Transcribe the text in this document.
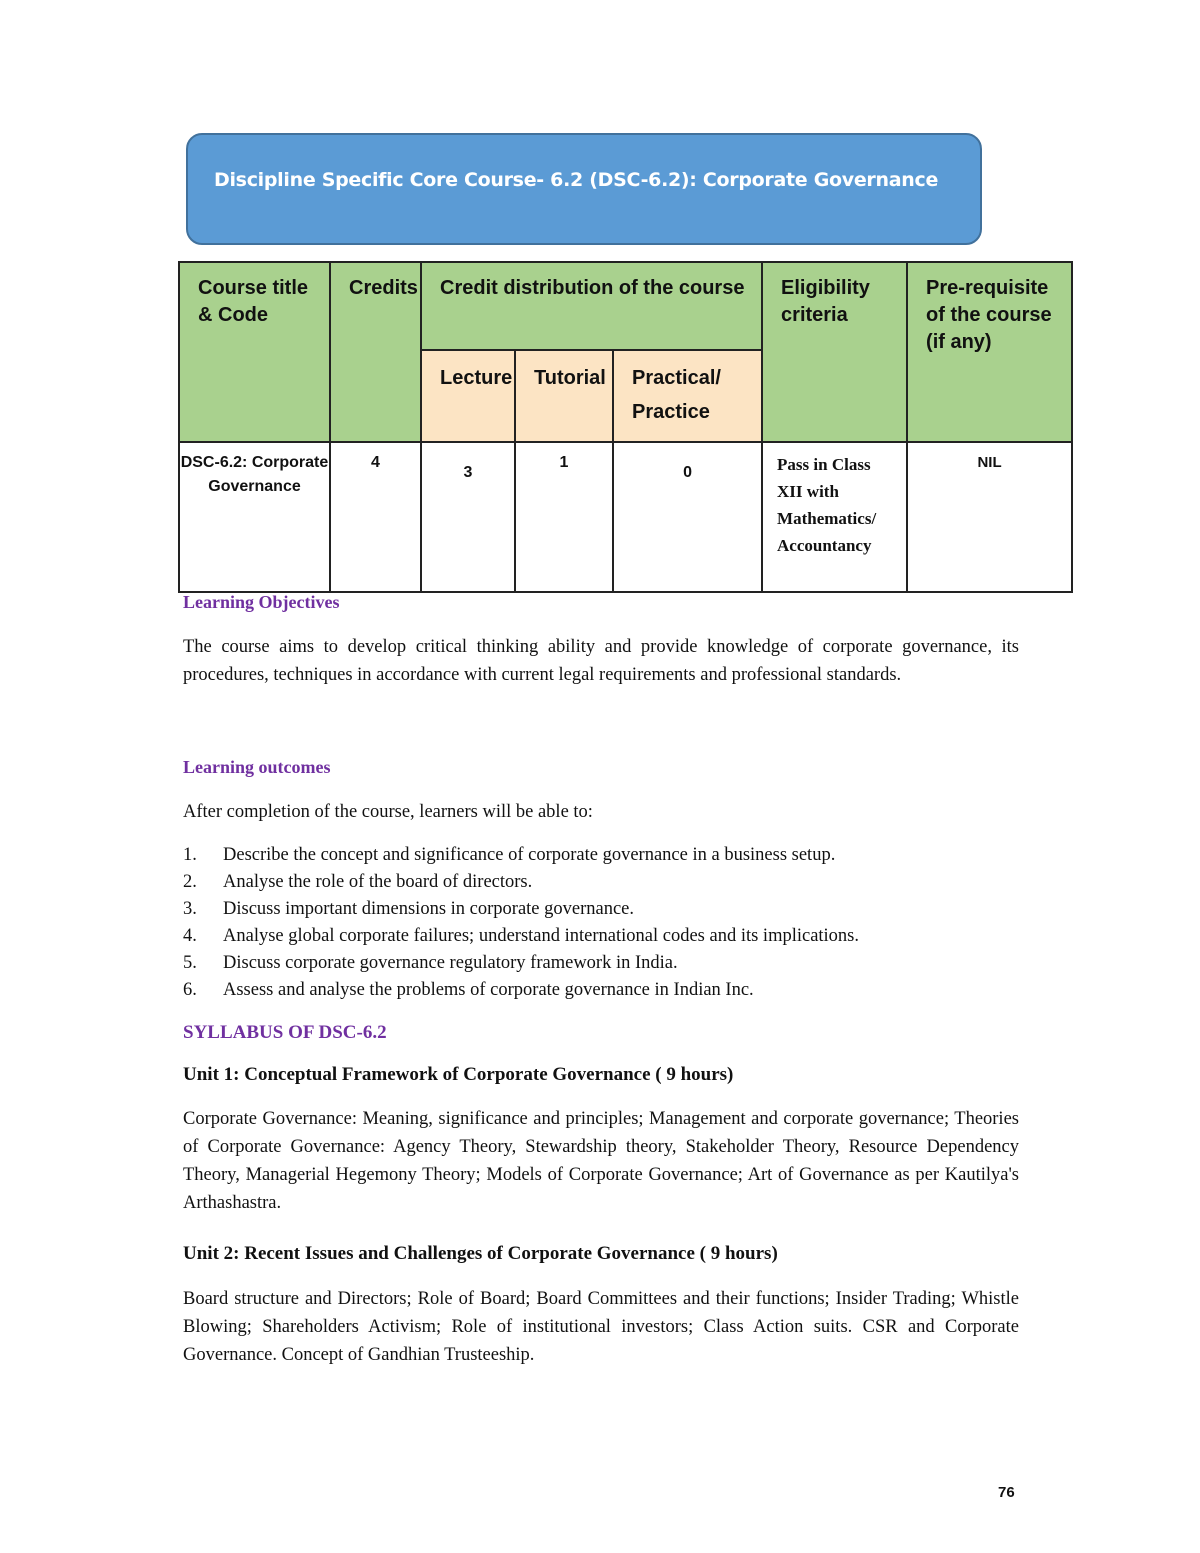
Discipline Specific Core Course- 6.2 (DSC-6.2): Corporate Governance
Course title & Code	Credits	Credit distribution of the course			Eligibility criteria	Pre-requisite of the course (if any)

		Lecture	Tutorial	Practical/ Practice		

DSC-6.2: Corporate Governance	4	3	1	0	Pass in Class XII with Mathematics/ Accountancy	NIL
Learning Objectives
The course aims to develop critical thinking ability and provide knowledge of corporate governance, its procedures, techniques in accordance with current legal requirements and professional standards.
Learning outcomes
After completion of the course, learners will be able to:
1.	Describe the concept and significance of corporate governance in a business setup.
2.	Analyse the role of the board of directors.
3.	Discuss important dimensions in corporate governance.
4.	Analyse global corporate failures; understand international codes and its implications.
5.	Discuss corporate governance regulatory framework in India.
6.	Assess and analyse the problems of corporate governance in Indian Inc.
SYLLABUS OF DSC-6.2
Unit 1: Conceptual Framework of Corporate Governance ( 9 hours)
Corporate Governance: Meaning, significance and principles; Management and corporate governance; Theories of Corporate Governance: Agency Theory, Stewardship theory, Stakeholder Theory, Resource Dependency Theory, Managerial Hegemony Theory; Models of Corporate Governance; Art of Governance as per Kautilya's Arthashastra.
Unit 2: Recent Issues and Challenges of Corporate Governance ( 9 hours)
Board structure and Directors; Role of Board; Board Committees and their functions; Insider Trading; Whistle Blowing; Shareholders Activism; Role of institutional investors; Class Action suits. CSR and Corporate Governance. Concept of Gandhian Trusteeship.
76
